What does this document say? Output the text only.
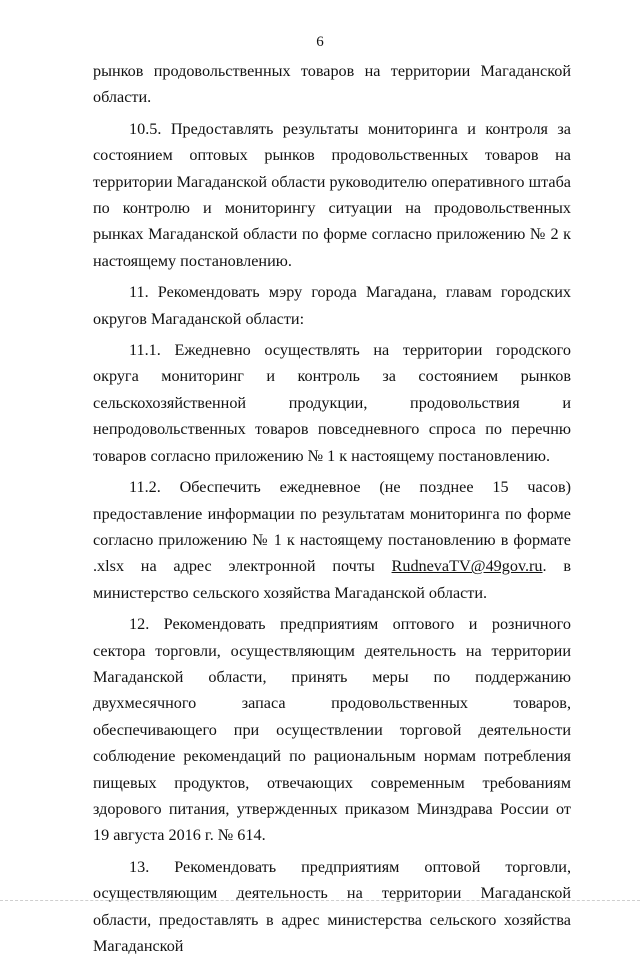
6

рынков продовольственных товаров на территории Магаданской области.

10.5. Предоставлять результаты мониторинга и контроля за состоянием оптовых рынков продовольственных товаров на территории Магаданской области руководителю оперативного штаба по контролю и мониторингу ситуации на продовольственных рынках Магаданской области по форме согласно приложению № 2 к настоящему постановлению.

11. Рекомендовать мэру города Магадана, главам городских округов Магаданской области:

11.1. Ежедневно осуществлять на территории городского округа мониторинг и контроль за состоянием рынков сельскохозяйственной продукции, продовольствия и непродовольственных товаров повседневного спроса по перечню товаров согласно приложению № 1 к настоящему постановлению.

11.2. Обеспечить ежедневное (не позднее 15 часов) предоставление информации по результатам мониторинга по форме согласно приложению № 1 к настоящему постановлению в формате .xlsx на адрес электронной почты RudnevaTV@49gov.ru. в министерство сельского хозяйства Магаданской области.

12. Рекомендовать предприятиям оптового и розничного сектора торговли, осуществляющим деятельность на территории Магаданской области, принять меры по поддержанию двухмесячного запаса продовольственных товаров, обеспечивающего при осуществлении торговой деятельности соблюдение рекомендаций по рациональным нормам потребления пищевых продуктов, отвечающих современным требованиям здорового питания, утвержденных приказом Минздрава России от 19 августа 2016 г. № 614.

13. Рекомендовать предприятиям оптовой торговли, осуществляющим деятельность на территории Магаданской области, предоставлять в адрес министерства сельского хозяйства Магаданской
